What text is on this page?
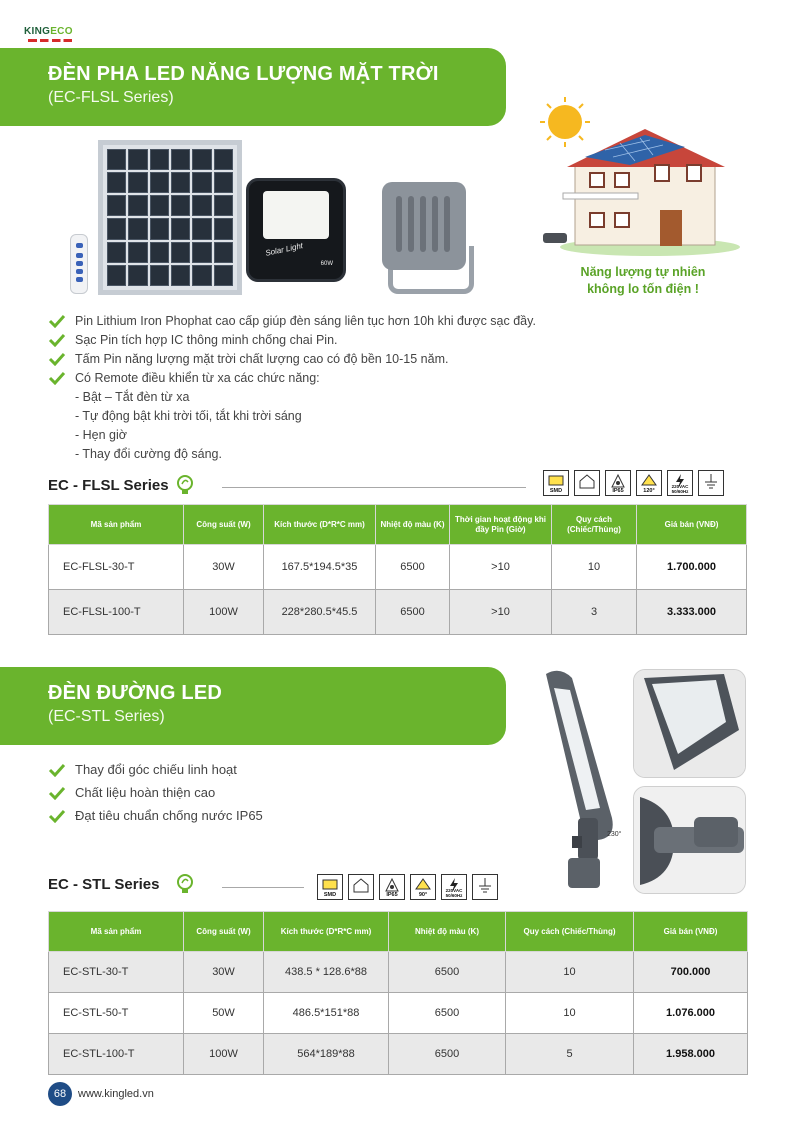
KINGECO
ĐÈN PHA LED NĂNG LƯỢNG MẶT TRỜI
(EC-FLSL Series)
Solar Light
60W
Năng lượng tự nhiên
không lo tốn điện !
Pin Lithium Iron Phophat cao cấp giúp đèn sáng liên tục hơn 10h khi được sạc đầy.
Sạc Pin tích hợp IC thông minh chống chai Pin.
Tấm Pin năng lượng mặt trời chất lượng cao có độ bền 10-15 năm.
Có Remote điều khiển từ xa các chức năng:
- Bật – Tắt đèn từ xa
- Tự động bật khi trời tối, tắt khi trời sáng
- Hẹn giờ
- Thay đổi cường độ sáng.
EC - FLSL Series	SMD	IP65	120°
220VAC 50/60Hz
Mã sản phẩm	Công suất (W)	Kích thước (D*R*C mm)	Nhiệt độ màu (K)	Thời gian hoạt động khi đầy Pin (Giờ)	Quy cách (Chiếc/Thùng)	Giá bán (VNĐ)
EC-FLSL-30-T	30W	167.5*194.5*35	6500	>10	10	1.700.000
EC-FLSL-100-T	100W	228*280.5*45.5	6500	>10	3	3.333.000
ĐÈN ĐƯỜNG LED
(EC-STL Series)
230°
Thay đổi góc chiếu linh hoạt
Chất liệu hoàn thiện cao
Đạt tiêu chuẩn chống nước IP65
EC - STL Series
SMD	IP65	90°
220VAC 50/60Hz
Mã sản phẩm	Công suất (W)	Kích thước (D*R*C mm)	Nhiệt độ màu (K)	Quy cách (Chiếc/Thùng)	Giá bán (VNĐ)
EC-STL-30-T	30W	438.5 * 128.6*88	6500	10	700.000
EC-STL-50-T	50W	486.5*151*88	6500	10	1.076.000
EC-STL-100-T	100W	564*189*88	6500	5	1.958.000
68	www.kingled.vn
